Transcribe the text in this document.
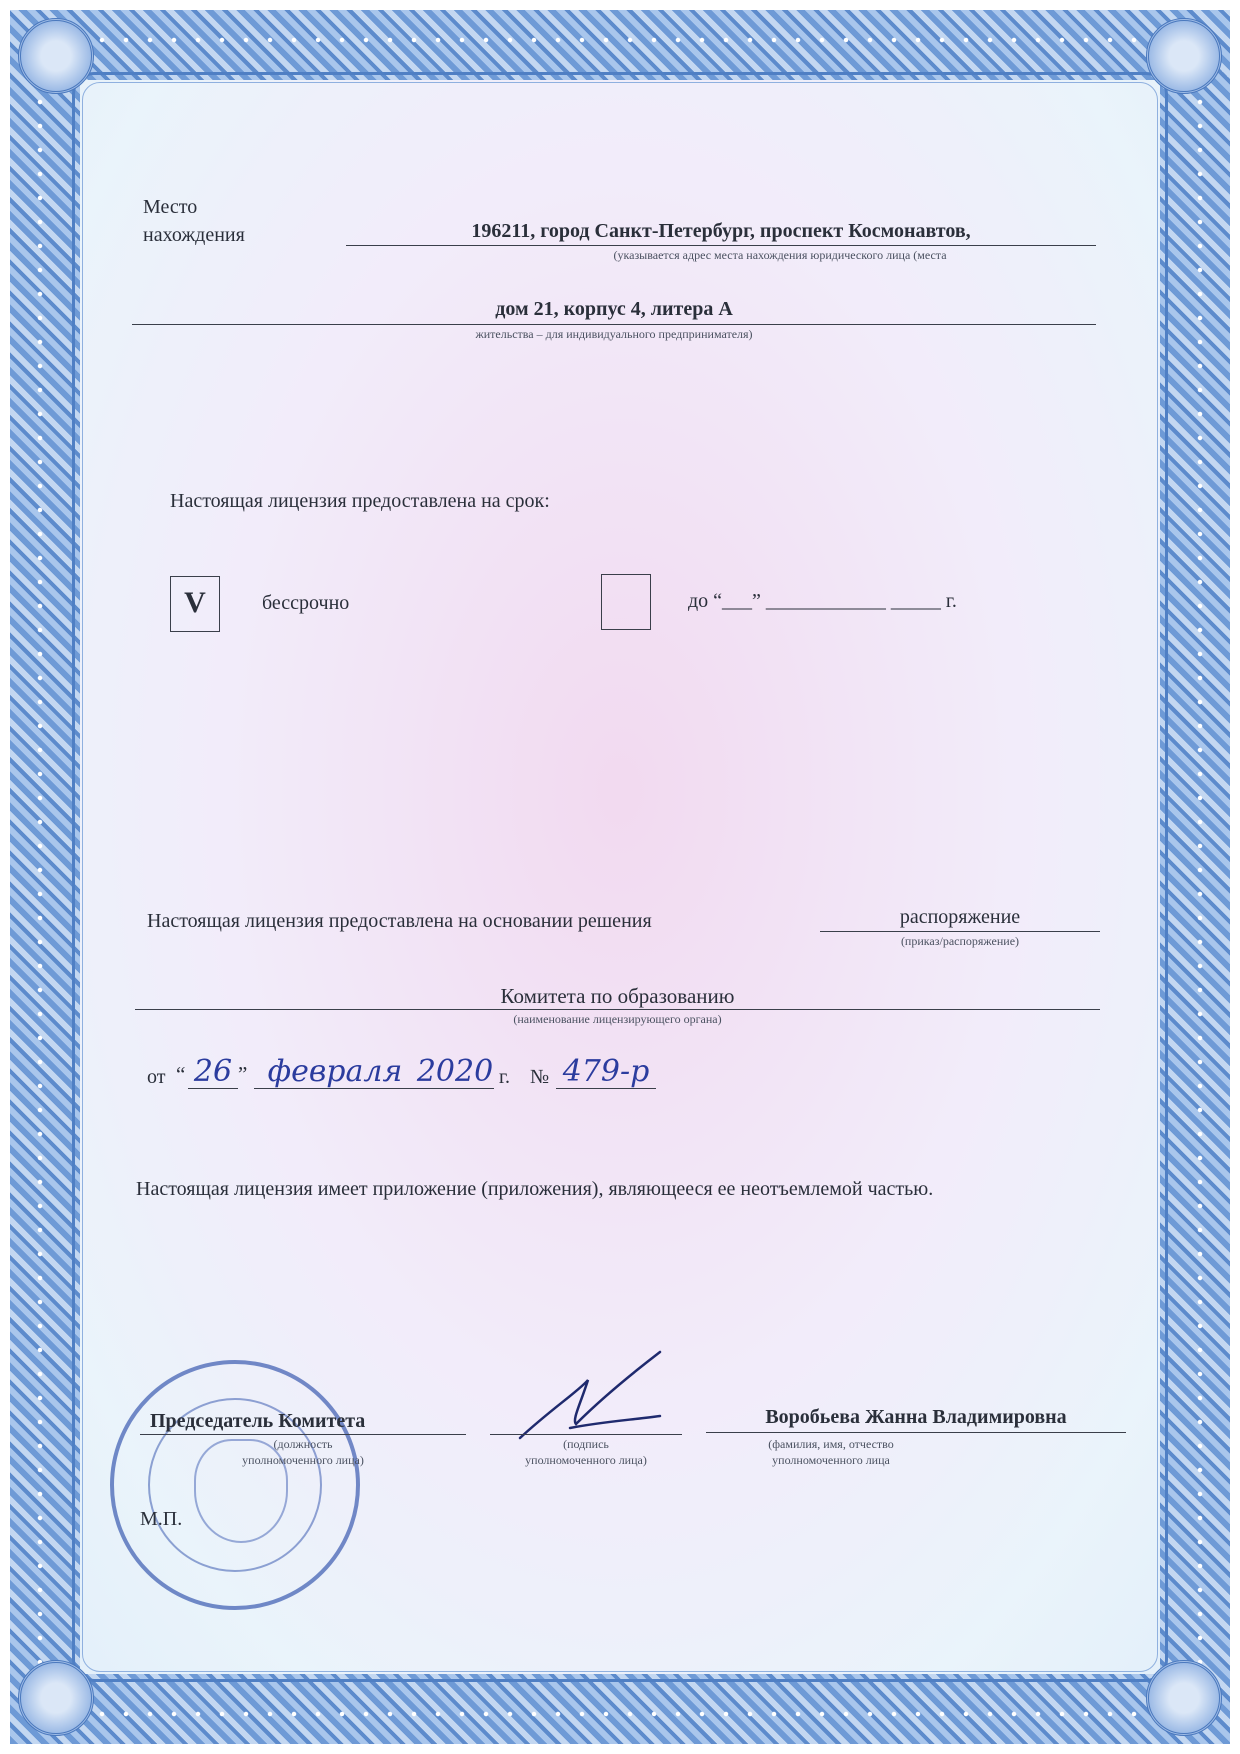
Место
нахождения	196211, город Санкт-Петербург, проспект Космонавтов,
(указывается адрес места нахождения юридического лица (места
дом 21, корпус 4, литера А
жительства – для индивидуального предпринимателя)
Настоящая лицензия предоставлена на срок:
V	бессрочно	до “___” ____________ _____ г.
Настоящая лицензия предоставлена на основании решения	распоряжение
(приказ/распоряжение)
Комитета по образованию
(наименование лицензирующего органа)
от “ 26 ” февраля 2020 г. № 479-р
Настоящая лицензия имеет приложение (приложения), являющееся ее неотъемлемой частью.
Председатель Комитета
(должность
уполномоченного лица)
(подпись
уполномоченного лица)
Воробьева Жанна Владимировна
(фамилия, имя, отчество
уполномоченного лица
М.П.
